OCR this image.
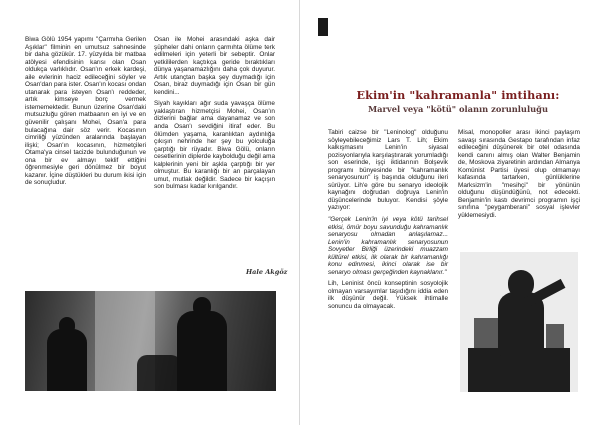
Biwa Gölü 1954 yapımı "Çarmıha Gerilen Aşıklar" filminin en umutsuz sahnesinde bir daha gözükür. 17. yüzyılda bir matbaa atölyesi efendisinin karısı olan Osan oldukça varlıklıdır. Osan'ın erkek kardeşi, aile evlerinin haciz edileceğini söyler ve Osan'dan para ister. Osan'ın kocası ondan utanarak para isteyen Osan'ı reddeder, artık kimseye borç vermek istememektedir. Bunun üzerine Osan'daki mutsuzluğu gören matbaanın en iyi ve en güvenilir çalışanı Mohei, Osan'a para bulacağına dair söz verir. Kocasının cimriliği yüzünden aralarında başlayan ilişki; Osan'ın kocasının, hizmetçileri Otama'ya cinsel tacizde bulunduğunun ve ona bir ev almayı teklif ettiğini öğrenmesiyle geri dönülmez bir boyut kazanır. İçine düştükleri bu durum ikisi için de sonuçludur.

Osan ile Mohei arasındaki aşka dair şüpheler dahi onların çarmıhta ölüme terk edilmeleri için yeterli bir sebeptir. Onlar yetkililerden kaçtıkça geride bıraktıkları dünya yaşanamazlığını daha çok duyurur. Artık utançtan başka şey duymadığı için Osan, biraz duymadığı için Osan bir gün kendini...

Siyah kayıkları ağır suda yavaşça ölüme yaklaştıran hizmetçisi Mohei, Osan'ın dizlerini bağlar ama dayanamaz ve son anda Osan'ı sevdiğini itiraf eder. Bu ölümden yaşama, karanlıktan aydınlığa çıkışın nehrinde her şey bu yolculuğa çarptığı bir rüyadır. Biwa Gölü, onların cesetlerinin diplerde kaybolduğu değil ama kalplerinin yeni bir aşkla çarptığı bir yer olmuştur. Bu karanlığı bir an parçalayan umut, mutlak değildir. Sadece bir kaçışın son bulması kadar kırılgandır.

Hale Akgöz
Ekim'in "kahramanla" imtihanı:
Marvel veya "kötü" olanın zorunluluğu

Tabiri caizse bir "Leninolog" olduğunu söyleyebileceğimiz Lars T. Lih; Ekim kalkışmasını Lenin'in siyasal pozisyonlarıyla karşılaştırarak yorumladığı son eserinde, işçi iktidarının Bolşevik programı bünyesinde bir "kahramanlık senaryosunun" iş başında olduğunu ileri sürüyor. Lih'e göre bu senaryo ideolojik kaynağını doğrudan doğruya Lenin'in düşüncelerinde buluyor. Kendisi şöyle yazıyor:

"Gerçek Lenin'in iyi veya kötü tarihsel etkisi, ömür boyu savunduğu kahramanlık senaryosu olmadan anlaşılamaz... Lenin'in kahramanlık senaryosunun Sovyetler Birliği üzerindeki muazzam kültürel etkisi, ilk olarak bir kahramanlığı konu edinmesi, ikinci olarak ise bir senaryo olması gerçeğinden kaynaklanır."

Lih, Leninist öncü konseptinin sosyolojik olmayan varsayımlar taşıdığını iddia eden ilk düşünür değil. Yüksek ihtimalle sonuncu da olmayacak.

Misal, monopoller arası ikinci paylaşım savaşı sırasında Gestapo tarafından infaz edileceğini düşünerek bir otel odasında kendi canını almış olan Walter Benjamin de, Moskova ziyaretinin ardından Almanya Komünist Partisi üyesi olup olmamayı kafasında tartarken, günlüklerine Marksizm'in "mesihçi" bir yönünün olduğunu düşündüğünü, not edecekti. Benjamin'in kastı devrimci programın işçi sınıfına "peygamberani" sosyal işlevler yüklemesiydi.
